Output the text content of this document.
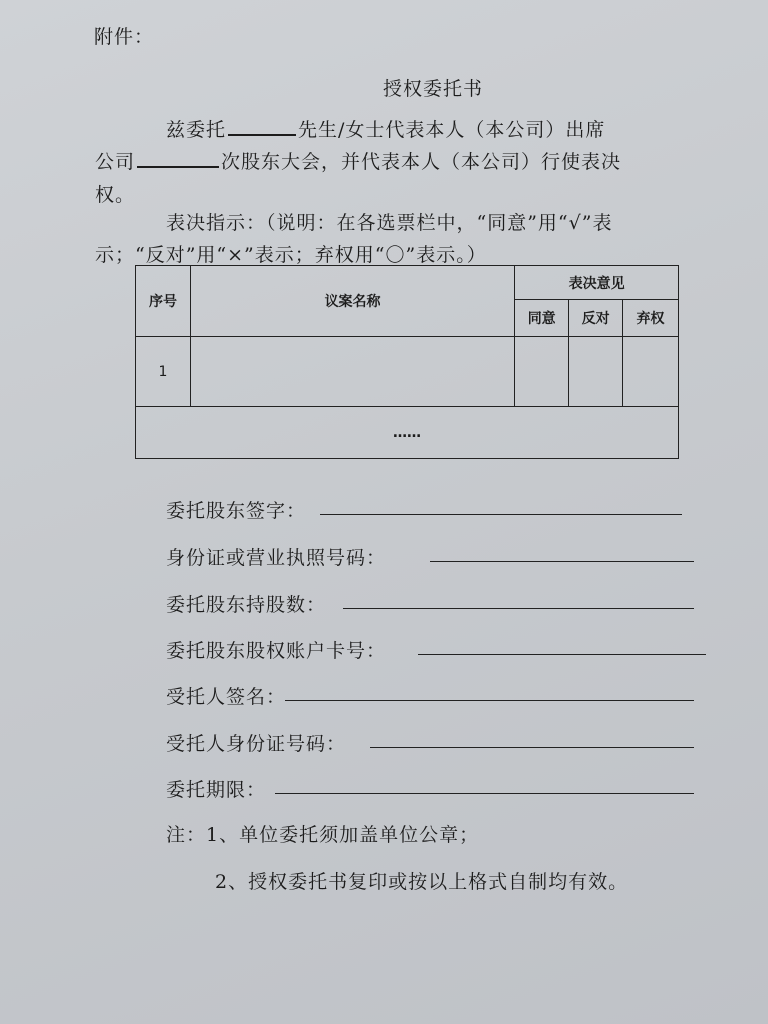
附件：
授权委托书
兹委托	先生/女士代表本人（本公司）出席
公司	次股东大会，并代表本人（本公司）行使表决
权。
表决指示：（说明：在各选票栏中，“同意”用“√”表
示；“反对”用“×”表示；弃权用“〇”表示。）
序号	议案名称	表决意见		
		同意	反对	弃权
1				
……				
委托股东签字：
身份证或营业执照号码：
委托股东持股数：
委托股东股权账户卡号：
受托人签名：
受托人身份证号码：
委托期限：
注：1、单位委托须加盖单位公章；
2、授权委托书复印或按以上格式自制均有效。
